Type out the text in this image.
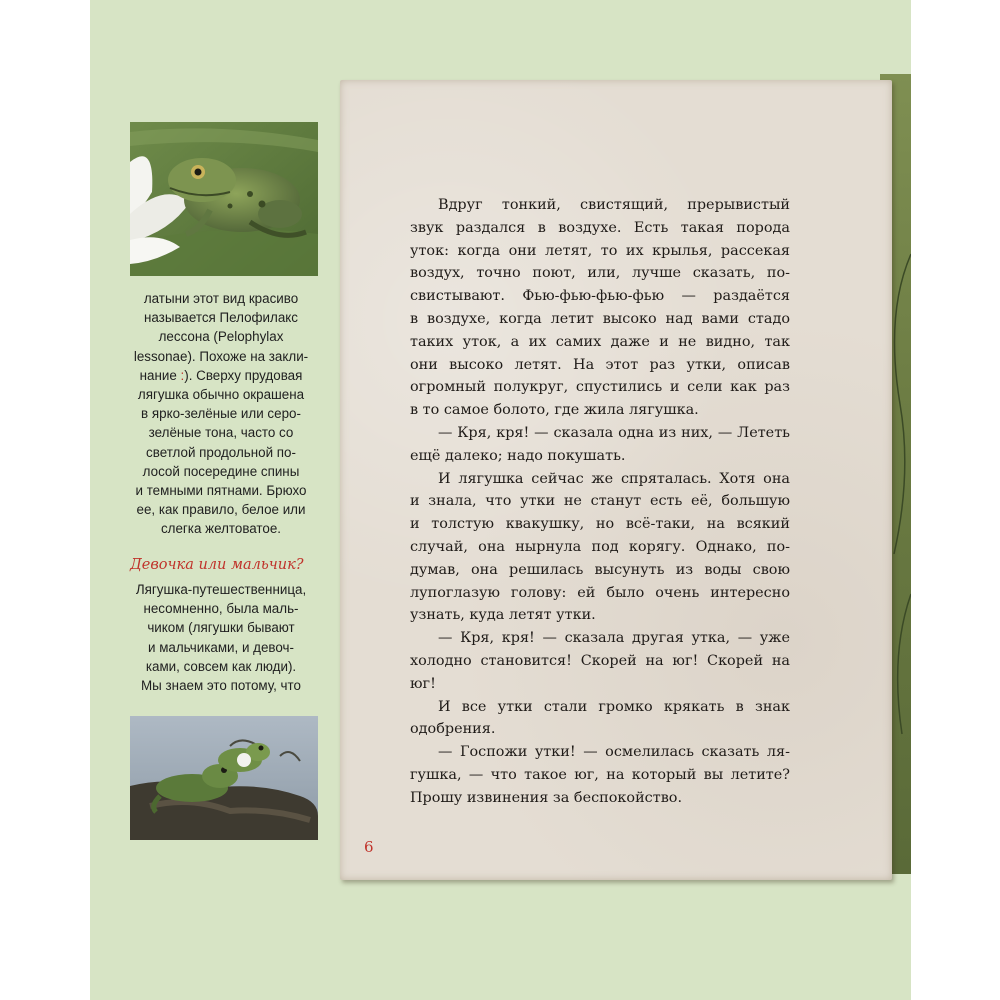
латыни этот вид красиво
называется Пелофилакс
лессона (Pelophylax
lessonae). Похоже на закли-
нание :). Сверху прудовая
лягушка обычно окрашена
в ярко-зелёные или серо-
зелёные тона, часто со
светлой продольной по-
лосой посередине спины
и темными пятнами. Брюхо
ее, как правило, белое или
слегка желтоватое.
Девочка или мальчик?
Лягушка-путешественница,
несомненно, была маль-
чиком (лягушки бывают
и мальчиками, и девоч-
ками, совсем как люди).
Мы знаем это потому, что
Вдруг тонкий, свистящий, прерывистый
звук раздался в воздухе. Есть такая порода
уток: когда они летят, то их крылья, рассекая
воздух, точно поют, или, лучше сказать, по-
свистывают. Фью-фью-фью-фью — раздаётся
в воздухе, когда летит высоко над вами стадо
таких уток, а их самих даже и не видно, так
они высоко летят. На этот раз утки, описав
огромный полукруг, спустились и сели как раз
в то самое болото, где жила лягушка.
— Кря, кря! — сказала одна из них, — Лететь
ещё далеко; надо покушать.
И лягушка сейчас же спряталась. Хотя она
и знала, что утки не станут есть её, большую
и толстую квакушку, но всё-таки, на всякий
случай, она нырнула под корягу. Однако, по-
думав, она решилась высунуть из воды свою
лупоглазую голову: ей было очень интересно
узнать, куда летят утки.
— Кря, кря! — сказала другая утка, — уже
холодно становится! Скорей на юг! Скорей на
юг!
И все утки стали громко крякать в знак
одобрения.
— Госпожи утки! — осмелилась сказать ля-
гушка, — что такое юг, на который вы летите?
Прошу извинения за беспокойство.
6
